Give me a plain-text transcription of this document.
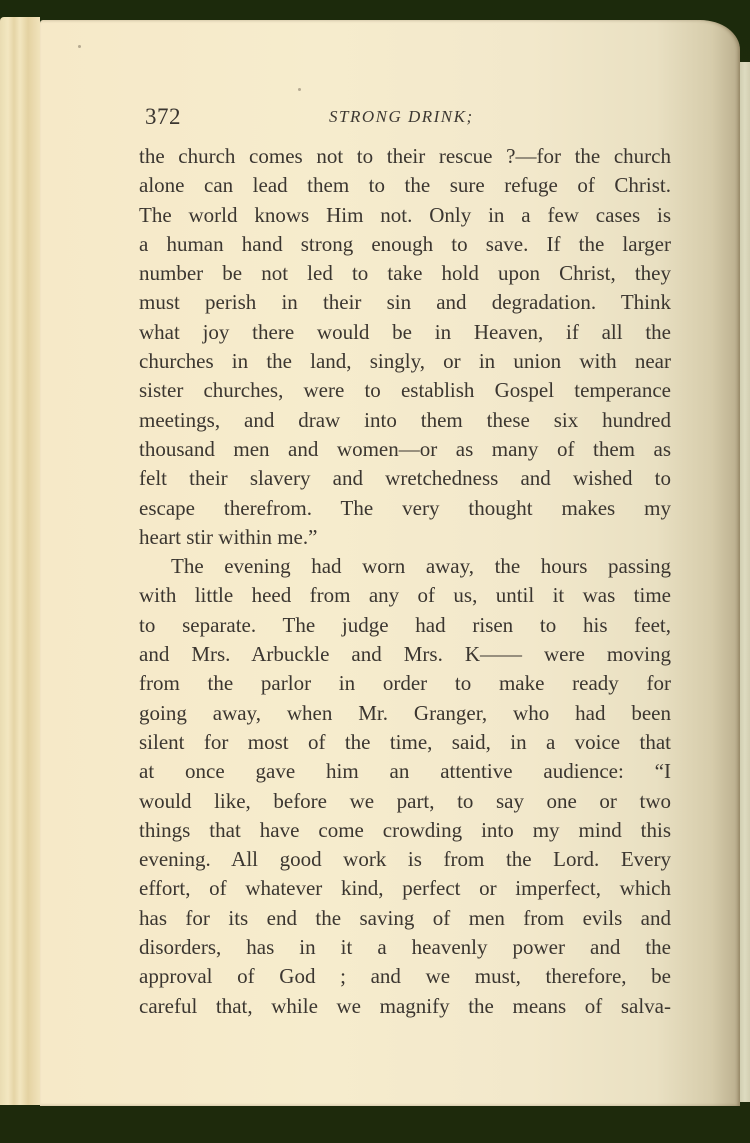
372	STRONG DRINK;
the church comes not to their rescue ?—for the church
alone can lead them to the sure refuge of Christ.
The world knows Him not. Only in a few cases is
a human hand strong enough to save. If the larger
number be not led to take hold upon Christ, they
must perish in their sin and degradation. Think
what joy there would be in Heaven, if all the
churches in the land, singly, or in union with near
sister churches, were to establish Gospel temperance
meetings, and draw into them these six hundred
thousand men and women—or as many of them as
felt their slavery and wretchedness and wished to
escape therefrom. The very thought makes my
heart stir within me.”
The evening had worn away, the hours passing
with little heed from any of us, until it was time
to separate. The judge had risen to his feet,
and Mrs. Arbuckle and Mrs. K—— were moving
from the parlor in order to make ready for
going away, when Mr. Granger, who had been
silent for most of the time, said, in a voice that
at once gave him an attentive audience: “I
would like, before we part, to say one or two
things that have come crowding into my mind this
evening. All good work is from the Lord. Every
effort, of whatever kind, perfect or imperfect, which
has for its end the saving of men from evils and
disorders, has in it a heavenly power and the
approval of God ; and we must, therefore, be
careful that, while we magnify the means of salva-
